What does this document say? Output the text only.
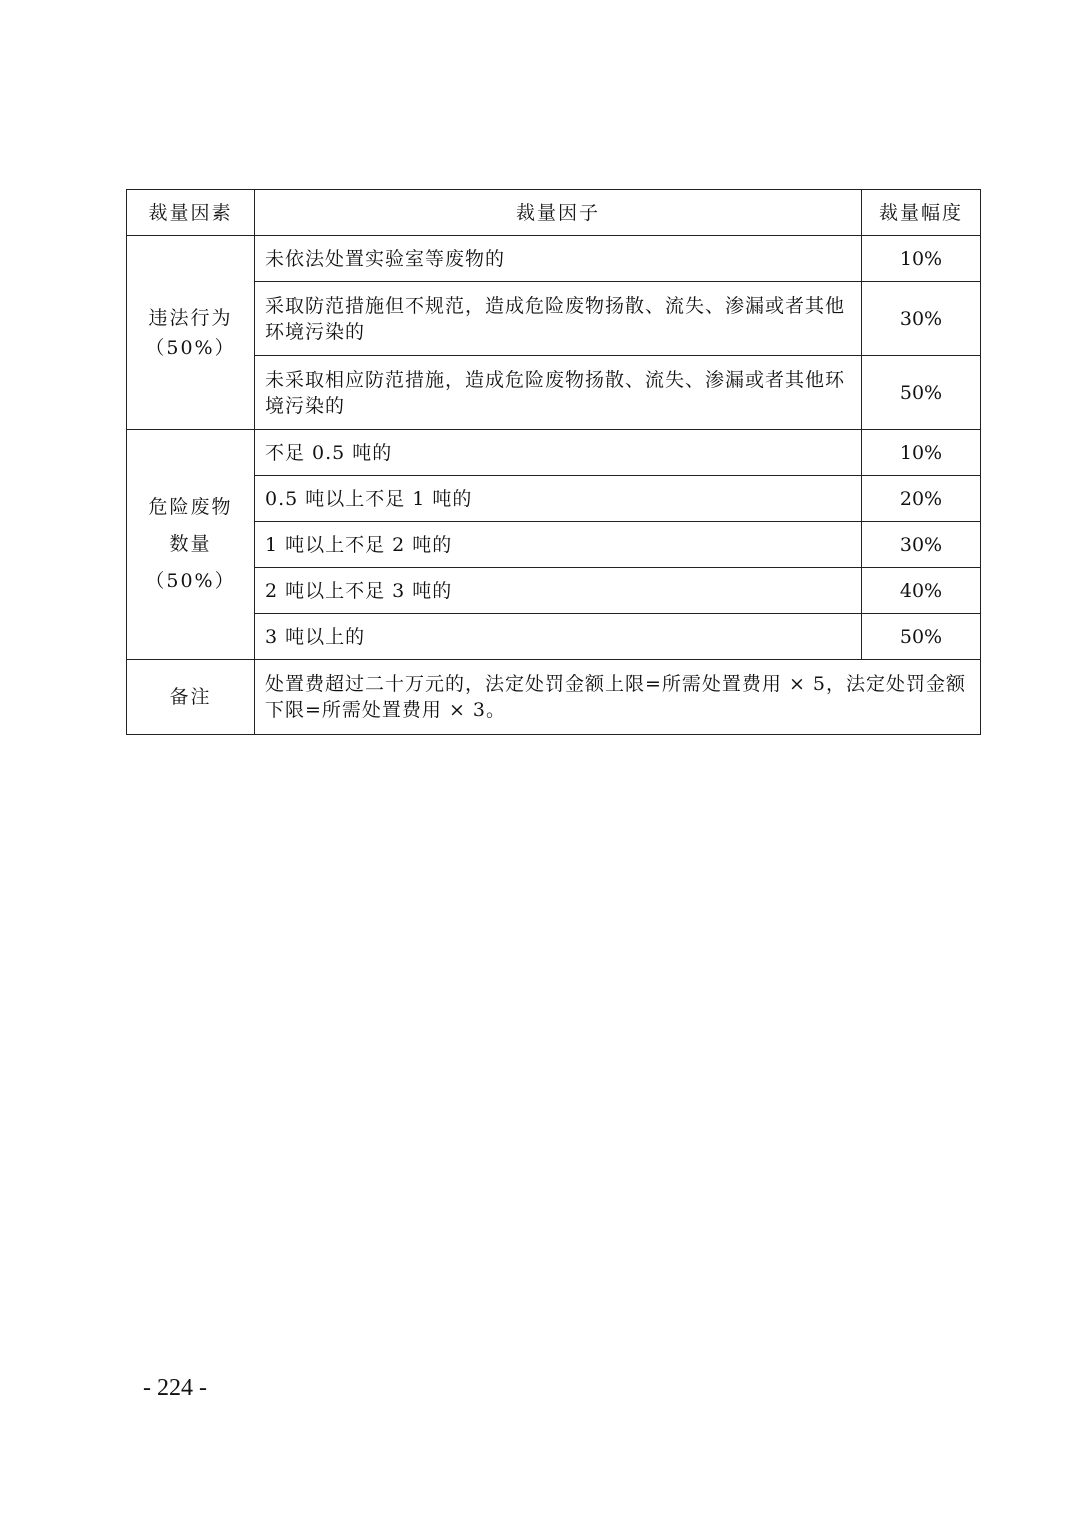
裁量因素	裁量因子	裁量幅度

违法行为
（50%）	未依法处置实验室等废物的	10%
	采取防范措施但不规范，造成危险废物扬散、流失、渗漏或者其他环境污染的	30%
	未采取相应防范措施，造成危险废物扬散、流失、渗漏或者其他环境污染的	50%

危险废物
数量
（50%）	不足 0.5 吨的	10%
	0.5 吨以上不足 1 吨的	20%
	1 吨以上不足 2 吨的	30%
	2 吨以上不足 3 吨的	40%
	3 吨以上的	50%
备注	处置费超过二十万元的，法定处罚金额上限=所需处置费用 × 5，法定处罚金额下限=所需处置费用 × 3。	
- 224 -
